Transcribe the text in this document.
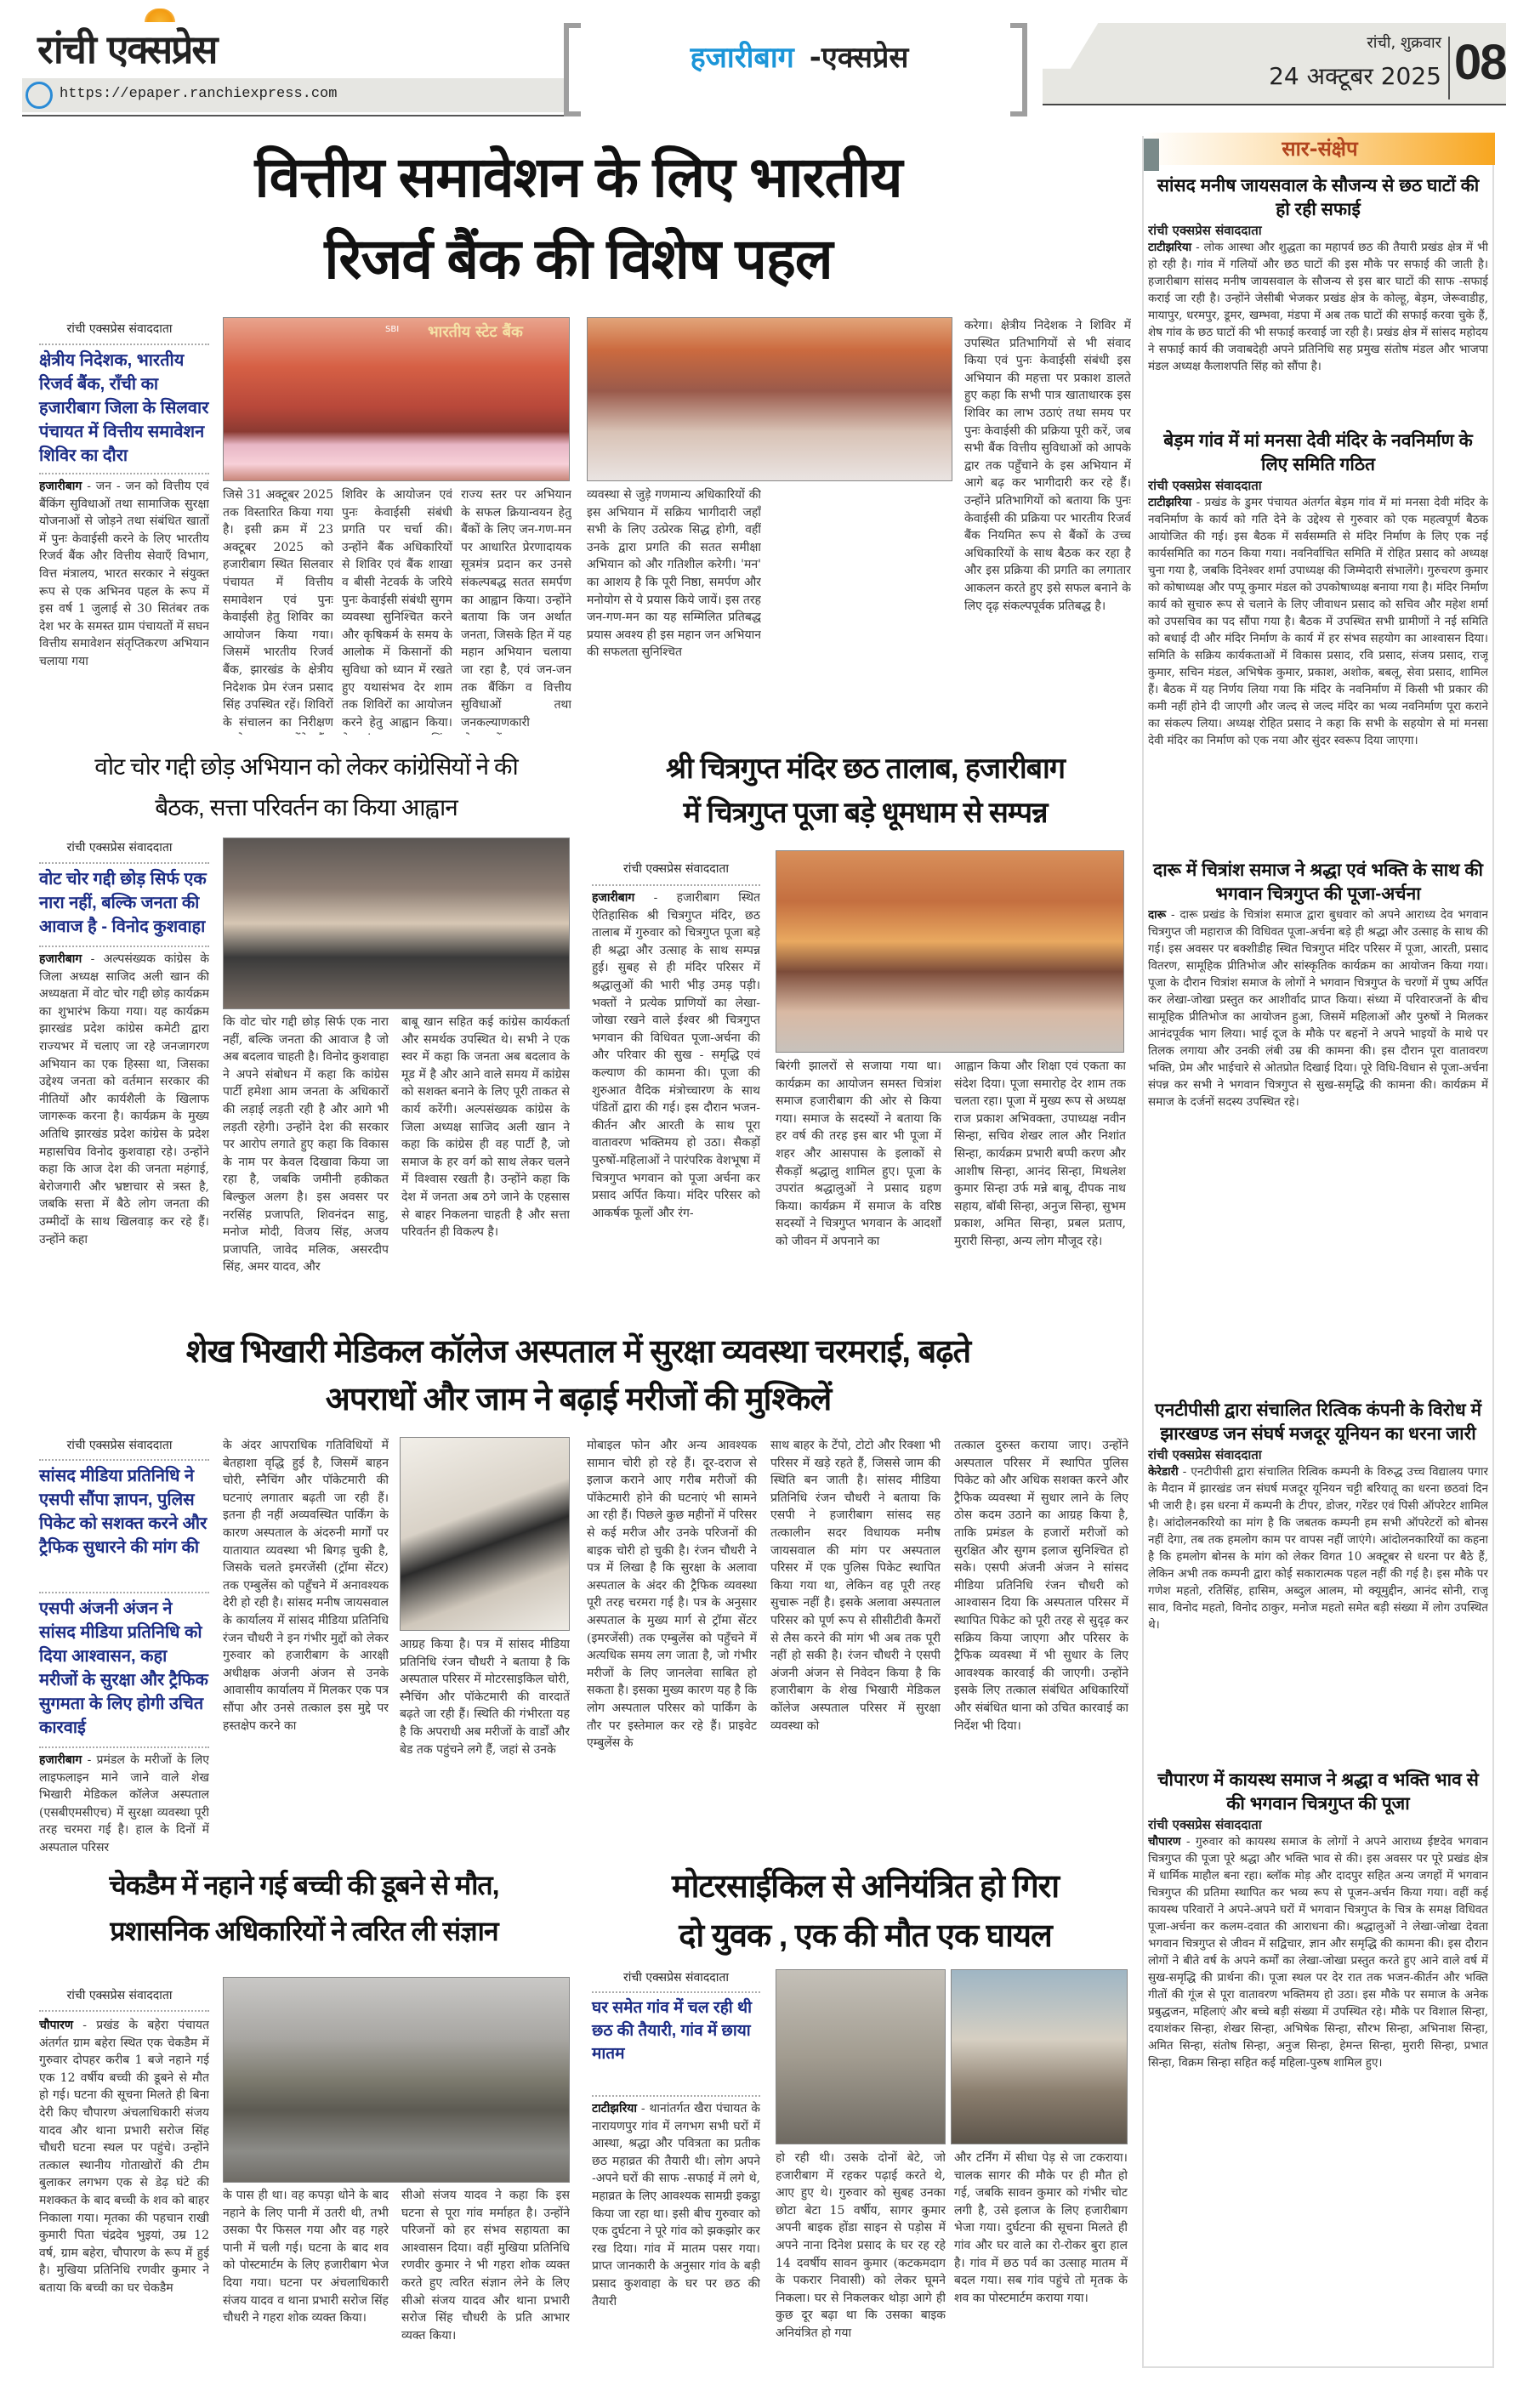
रांची एक्सप्रेस
https://epaper.ranchiexpress.com
हजारीबाग -एक्सप्रेस	रांची, शुक्रवार
24 अक्टूबर 2025 08
वित्तीय समावेशन के लिए भारतीय
रिजर्व बैंक की विशेष पहल
रांची एक्सप्रेस संवाददाता
क्षेत्रीय निदेशक, भारतीय रिजर्व बैंक, राँची का हजारीबाग जिला के सिलवार पंचायत में वित्तीय समावेशन शिविर का दौरा
हजारीबाग - जन - जन को वित्तीय एवं बैंकिंग सुविधाओं तथा सामाजिक सुरक्षा योजनाओं से जोड़ने तथा संबंधित खातों में पुनः केवाईसी करने के लिए भारतीय रिजर्व बैंक और वित्तीय सेवाएँ विभाग, वित्त मंत्रालय, भारत सरकार ने संयुक्त रूप से एक अभिनव पहल के रूप में इस वर्ष 1 जुलाई से 30 सितंबर तक देश भर के समस्त ग्राम पंचायतों में सघन वित्तीय समावेशन संतृप्तिकरण अभियान चलाया गया
SBI भारतीय स्टेट बैंक
जिसे 31 अक्टूबर 2025 तक विस्तारित किया गया है। इसी क्रम में 23 अक्टूबर 2025 को हजारीबाग स्थित सिलवार पंचायत में वित्तीय समावेशन एवं पुनः केवाईसी हेतु शिविर का आयोजन किया गया। जिसमें भारतीय रिजर्व बैंक, झारखंड के क्षेत्रीय निदेशक प्रेम रंजन प्रसाद सिंह उपस्थित रहें। शिविरों के संचालन का निरीक्षण
शिविर के आयोजन एवं पुनः केवाईसी संबंधी प्रगति पर चर्चा की। उन्होंने बैंक अधिकारियों से शिविर एवं बैंक शाखा व बीसी नेटवर्क के जरिये पुनः केवाईसी संबंधी सुगम व्यवस्था सुनिश्चित करने और कृषिकर्म के समय के आलोक में किसानों की सुविधा को ध्यान में रखते हुए यथासंभव देर शाम तक शिविरों का आयोजन करने हेतु आह्वान किया।
राज्य स्तर पर अभियान के सफल क्रियान्वयन हेतु बैंकों के लिए जन-गण-मन पर आधारित प्रेरणादायक सूत्रमंत्र प्रदान कर उनसे संकल्पबद्ध सतत समर्पण का आह्वान किया। उन्होंने बताया कि जन अर्थात जनता, जिसके हित में यह महान अभियान चलाया जा रहा है, एवं जन-जन तक बैंकिंग व वित्तीय सुविधाओं तथा जनकल्याणकारी
व्यवस्था से जुड़े गणमान्य अधिकारियों की इस अभियान में सक्रिय भागीदारी जहाँ सभी के लिए उत्प्रेरक सिद्ध होगी, वहीं उनके द्वारा प्रगति की सतत समीक्षा अभियान को और गतिशील करेगी। 'मन' का आशय है कि पूरी निष्ठा, समर्पण और मनोयोग से ये प्रयास किये जायें। इस तरह जन-गण-मन का यह सम्मिलित प्रतिबद्ध प्रयास अवश्य ही इस महान जन अभियान की सफलता सुनिश्चित
करेगा। क्षेत्रीय निदेशक ने शिविर में उपस्थित प्रतिभागियों से भी संवाद किया एवं पुनः केवाईसी संबंधी इस अभियान की महत्ता पर प्रकाश डालते हुए कहा कि सभी पात्र खाताधारक इस शिविर का लाभ उठाएं तथा समय पर पुनः केवाईसी की प्रक्रिया पूरी करें, जब सभी बैंक वित्तीय सुविधाओं को आपके द्वार तक पहुँचाने के इस अभियान में आगे बढ़ कर भागीदारी कर रहे हैं। उन्होंने प्रतिभागियों को बताया कि पुनः केवाईसी की प्रक्रिया पर भारतीय रिजर्व बैंक नियमित रूप से बैंकों के उच्च अधिकारियों के साथ बैठक कर रहा है और इस प्रक्रिया की प्रगति का लगातार आकलन करते हुए इसे सफल बनाने के लिए दृढ़ संकल्पपूर्वक प्रतिबद्ध है।
वोट चोर गद्दी छोड़ अभियान को लेकर कांग्रेसियों ने की
बैठक, सत्ता परिवर्तन का किया आह्वान
रांची एक्सप्रेस संवाददाता
वोट चोर गद्दी छोड़ सिर्फ एक नारा नहीं, बल्कि जनता की आवाज है - विनोद कुशवाहा
हजारीबाग - अल्पसंख्यक कांग्रेस के जिला अध्यक्ष साजिद अली खान की अध्यक्षता में वोट चोर गद्दी छोड़ कार्यक्रम का शुभारंभ किया गया। यह कार्यक्रम झारखंड प्रदेश कांग्रेस कमेटी द्वारा राज्यभर में चलाए जा रहे जनजागरण अभियान का एक हिस्सा था, जिसका उद्देश्य जनता को वर्तमान सरकार की नीतियों और कार्यशैली के खिलाफ जागरूक करना है। कार्यक्रम के मुख्य अतिथि झारखंड प्रदेश कांग्रेस के प्रदेश महासचिव विनोद कुशवाहा रहे। उन्होंने कहा कि आज देश की जनता महंगाई, बेरोजगारी और भ्रष्टाचार से त्रस्त है, जबकि सत्ता में बैठे लोग जनता की उम्मीदों के साथ खिलवाड़ कर रहे हैं। उन्होंने कहा
कि वोट चोर गद्दी छोड़ सिर्फ एक नारा नहीं, बल्कि जनता की आवाज है जो अब बदलाव चाहती है। विनोद कुशवाहा ने अपने संबोधन में कहा कि कांग्रेस पार्टी हमेशा आम जनता के अधिकारों की लड़ाई लड़ती रही है और आगे भी लड़ती रहेगी। उन्होंने देश की सरकार पर आरोप लगाते हुए कहा कि विकास के नाम पर केवल दिखावा किया जा रहा है, जबकि जमीनी हकीकत बिल्कुल अलग है। इस अवसर पर नरसिंह प्रजापति, शिवनंदन साहु, मनोज मोदी, विजय सिंह, अजय प्रजापति, जावेद मलिक, असरदीप सिंह, अमर यादव, और
बाबू खान सहित कई कांग्रेस कार्यकर्ता और समर्थक उपस्थित थे। सभी ने एक स्वर में कहा कि जनता अब बदलाव के मूड में है और आने वाले समय में कांग्रेस को सशक्त बनाने के लिए पूरी ताकत से कार्य करेंगी। अल्पसंख्यक कांग्रेस के जिला अध्यक्ष साजिद अली खान ने कहा कि कांग्रेस ही वह पार्टी है, जो समाज के हर वर्ग को साथ लेकर चलने में विश्वास रखती है। उन्होंने कहा कि देश में जनता अब ठगे जाने के एहसास से बाहर निकलना चाहती है और सत्ता परिवर्तन ही विकल्प है।
श्री चित्रगुप्त मंदिर छठ तालाब, हजारीबाग
में चित्रगुप्त पूजा बड़े धूमधाम से सम्पन्न
रांची एक्सप्रेस संवाददाता
हजारीबाग - हजारीबाग स्थित ऐतिहासिक श्री चित्रगुप्त मंदिर, छठ तालाब में गुरुवार को चित्रगुप्त पूजा बड़े ही श्रद्धा और उत्साह के साथ सम्पन्न हुई। सुबह से ही मंदिर परिसर में श्रद्धालुओं की भारी भीड़ उमड़ पड़ी। भक्तों ने प्रत्येक प्राणियों का लेखा-जोखा रखने वाले ईश्वर श्री चित्रगुप्त भगवान की विधिवत पूजा-अर्चना की और परिवार की सुख - समृद्धि एवं कल्याण की कामना की। पूजा की शुरुआत वैदिक मंत्रोच्चारण के साथ पंडितों द्वारा की गई। इस दौरान भजन-कीर्तन और आरती के साथ पूरा वातावरण भक्तिमय हो उठा। सैकड़ों पुरुषों-महिलाओं ने पारंपरिक वेशभूषा में चित्रगुप्त भगवान को पूजा अर्चना कर प्रसाद अर्पित किया। मंदिर परिसर को आकर्षक फूलों और रंग-
बिरंगी झालरों से सजाया गया था। कार्यक्रम का आयोजन समस्त चित्रांश समाज हजारीबाग की ओर से किया गया। समाज के सदस्यों ने बताया कि हर वर्ष की तरह इस बार भी पूजा में शहर और आसपास के इलाकों से सैकड़ों श्रद्धालु शामिल हुए। पूजा के उपरांत श्रद्धालुओं ने प्रसाद ग्रहण किया। कार्यक्रम में समाज के वरिष्ठ सदस्यों ने चित्रगुप्त भगवान के आदर्शों को जीवन में अपनाने का
आह्वान किया और शिक्षा एवं एकता का संदेश दिया। पूजा समारोह देर शाम तक चलता रहा। पूजा में मुख्य रूप से अध्यक्ष राज प्रकाश अभिवक्ता, उपाध्यक्ष नवीन सिन्हा, सचिव शेखर लाल और निशांत सिन्हा, कार्यक्रम प्रभारी बप्पी करण और आशीष सिन्हा, आनंद सिन्हा, मिथलेश कुमार सिन्हा उर्फ मन्ने बाबू, दीपक नाथ सहाय, बॉबी सिन्हा, अनुज सिन्हा, सुभम प्रकाश, अमित सिन्हा, प्रबल प्रताप, मुरारी सिन्हा, अन्य लोग मौजूद रहे।
शेख भिखारी मेडिकल कॉलेज अस्पताल में सुरक्षा व्यवस्था चरमराई, बढ़ते
अपराधों और जाम ने बढ़ाई मरीजों की मुश्किलें
रांची एक्सप्रेस संवाददाता
सांसद मीडिया प्रतिनिधि ने एसपी सौंपा ज्ञापन, पुलिस पिकेट को सशक्त करने और ट्रैफिक सुधारने की मांग की
एसपी अंजनी अंजन ने सांसद मीडिया प्रतिनिधि को दिया आश्वासन, कहा मरीजों के सुरक्षा और ट्रैफिक सुगमता के लिए होगी उचित कारवाई
हजारीबाग - प्रमंडल के मरीजों के लिए लाइफलाइन माने जाने वाले शेख भिखारी मेडिकल कॉलेज अस्पताल (एसबीएमसीएच) में सुरक्षा व्यवस्था पूरी तरह चरमरा गई है। हाल के दिनों में अस्पताल परिसर
के अंदर आपराधिक गतिविधियों में बेतहाशा वृद्धि हुई है, जिसमें बाहन चोरी, स्नैचिंग और पॉकेटमारी की घटनाएं लगातार बढ़ती जा रही हैं। इतना ही नहीं अव्यवस्थित पार्किंग के कारण अस्पताल के अंदरुनी मार्गों पर यातायात व्यवस्था भी बिगड़ चुकी है, जिसके चलते इमरजेंसी (ट्रॉमा सेंटर) तक एम्बुलेंस को पहुँचने में अनावश्यक देरी हो रही है। सांसद मनीष जायसवाल के कार्यालय में सांसद मीडिया प्रतिनिधि रंजन चौधरी ने इन गंभीर मुद्दों को लेकर गुरुवार को हजारीबाग के आरक्षी अधीक्षक अंजनी अंजन से उनके आवासीय कार्यालय में मिलकर एक पत्र सौंपा और उनसे तत्काल इस मुद्दे पर हस्तक्षेप करने का
आग्रह किया है। पत्र में सांसद मीडिया प्रतिनिधि रंजन चौधरी ने बताया है कि अस्पताल परिसर में मोटरसाइकिल चोरी, स्नैचिंग और पॉकेटमारी की वारदातें बढ़ते जा रही हैं। स्थिति की गंभीरता यह है कि अपराधी अब मरीजों के वार्डों और बेड तक पहुंचने लगे हैं, जहां से उनके
मोबाइल फोन और अन्य आवश्यक सामान चोरी हो रहे हैं। दूर-दराज से इलाज कराने आए गरीब मरीजों की पॉकेटमारी होने की घटनाएं भी सामने आ रही हैं। पिछले कुछ महीनों में परिसर से कई मरीज और उनके परिजनों की बाइक चोरी हो चुकी है। रंजन चौधरी ने पत्र में लिखा है कि सुरक्षा के अलावा अस्पताल के अंदर की ट्रैफिक व्यवस्था पूरी तरह चरमरा गई है। पत्र के अनुसार अस्पताल के मुख्य मार्ग से ट्रॉमा सेंटर (इमरजेंसी) तक एम्बुलेंस को पहुँचने में अत्यधिक समय लग जाता है, जो गंभीर मरीजों के लिए जानलेवा साबित हो सकता है। इसका मुख्य कारण यह है कि लोग अस्पताल परिसर को पार्किंग के तौर पर इस्तेमाल कर रहे हैं। प्राइवेट एम्बुलेंस के
साथ बाहर के टेंपो, टोटो और रिक्शा भी परिसर में खड़े रहते हैं, जिससे जाम की स्थिति बन जाती है। सांसद मीडिया प्रतिनिधि रंजन चौधरी ने बताया कि एसपी ने हजारीबाग सांसद सह तत्कालीन सदर विधायक मनीष जायसवाल की मांग पर अस्पताल परिसर में एक पुलिस पिकेट स्थापित किया गया था, लेकिन वह पूरी तरह सुचारू नहीं है। इसके अलावा अस्पताल परिसर को पूर्ण रूप से सीसीटीवी कैमरों से लैस करने की मांग भी अब तक पूरी नहीं हो सकी है। रंजन चौधरी ने एसपी अंजनी अंजन से निवेदन किया है कि हजारीबाग के शेख भिखारी मेडिकल कॉलेज अस्पताल परिसर में सुरक्षा व्यवस्था को
तत्काल दुरुस्त कराया जाए। उन्होंने अस्पताल परिसर में स्थापित पुलिस पिकेट को और अधिक सशक्त करने और ट्रैफिक व्यवस्था में सुधार लाने के लिए ठोस कदम उठाने का आग्रह किया है, ताकि प्रमंडल के हजारों मरीजों को सुरक्षित और सुगम इलाज सुनिश्चित हो सके। एसपी अंजनी अंजन ने सांसद मीडिया प्रतिनिधि रंजन चौधरी को आश्वासन दिया कि अस्पताल परिसर में स्थापित पिकेट को पूरी तरह से सुदृढ़ कर सक्रिय किया जाएगा और परिसर के ट्रैफिक व्यवस्था में भी सुधार के लिए आवश्यक कारवाई की जाएगी। उन्होंने इसके लिए तत्काल संबंधित अधिकारियों और संबंधित थाना को उचित कारवाई का निर्देश भी दिया।
चेकडैम में नहाने गई बच्ची की डूबने से मौत,
प्रशासनिक अधिकारियों ने त्वरित ली संज्ञान
रांची एक्सप्रेस संवाददाता
चौपारण - प्रखंड के बहेरा पंचायत अंतर्गत ग्राम बहेरा स्थित एक चेकडैम में गुरुवार दोपहर करीब 1 बजे नहाने गई एक 12 वर्षीय बच्ची की डूबने से मौत हो गई। घटना की सूचना मिलते ही बिना देरी किए चौपारण अंचलाधिकारी संजय यादव और थाना प्रभारी सरोज सिंह चौधरी घटना स्थल पर पहुंचे। उन्होंने तत्काल स्थानीय गोताखोरों की टीम बुलाकर लगभग एक से डेढ़ घंटे की मशक्कत के बाद बच्ची के शव को बाहर निकाला गया। मृतका की पहचान राखी कुमारी पिता चंद्रदेव भुइयां, उम्र 12 वर्ष, ग्राम बहेरा, चौपारण के रूप में हुई है। मुखिया प्रतिनिधि रणवीर कुमार ने बताया कि बच्ची का घर चेकडैम
के पास ही था। वह कपड़ा धोने के बाद नहाने के लिए पानी में उतरी थी, तभी उसका पैर फिसल गया और वह गहरे पानी में चली गई। घटना के बाद शव को पोस्टमार्टम के लिए हजारीबाग भेज दिया गया। घटना पर अंचलाधिकारी संजय यादव व थाना प्रभारी सरोज सिंह चौधरी ने गहरा शोक व्यक्त किया।
सीओ संजय यादव ने कहा कि इस घटना से पूरा गांव मर्माहत है। उन्होंने परिजनों को हर संभव सहायता का आश्वासन दिया। वहीं मुखिया प्रतिनिधि रणवीर कुमार ने भी गहरा शोक व्यक्त करते हुए त्वरित संज्ञान लेने के लिए सीओ संजय यादव और थाना प्रभारी सरोज सिंह चौधरी के प्रति आभार व्यक्त किया।
मोटरसाईकिल से अनियंत्रित हो गिरा
दो युवक , एक की मौत एक घायल
रांची एक्सप्रेस संवाददाता
घर समेत गांव में चल रही थी छठ की तैयारी, गांव में छाया मातम
टाटीझरिया - थानांतर्गत खैरा पंचायत के नारायणपुर गांव में लगभग सभी घरों में आस्था, श्रद्धा और पवित्रता का प्रतीक छठ महाव्रत की तैयारी थी। लोग अपने -अपने घरों की साफ -सफाई में लगे थे, महाव्रत के लिए आवश्यक सामग्री इकट्ठा किया जा रहा था। इसी बीच गुरुवार को एक दुर्घटना ने पूरे गांव को झकझोर कर रख दिया। गांव में मातम पसर गया। प्राप्त जानकारी के अनुसार गांव के बड़ी प्रसाद कुशवाहा के घर पर छठ की तैयारी
हो रही थी। उसके दोनों बेटे, जो हजारीबाग में रहकर पढ़ाई करते थे, आए हुए थे। गुरुवार को सुबह उनका छोटा बेटा 15 वर्षीय, सागर कुमार अपनी बाइक होंडा साइन से पड़ोस में अपने नाना दिनेश प्रसाद के घर रह रहे 14 दवर्षीय सावन कुमार (कटकमदाग के पकरार निवासी) को लेकर घूमने निकला। घर से निकलकर थोड़ा आगे ही कुछ दूर बढ़ा था कि उसका बाइक अनियंत्रित हो गया
और टर्निंग में सीधा पेड़ से जा टकराया। चालक सागर की मौके पर ही मौत हो गई, जबकि सावन कुमार को गंभीर चोट लगी है, उसे इलाज के लिए हजारीबाग भेजा गया। दुर्घटना की सूचना मिलते ही गांव और घर वाले का रो-रोकर बुरा हाल है। गांव में छठ पर्व का उत्साह मातम में बदल गया। सब गांव पहुंचे तो मृतक के शव का पोस्टमार्टम कराया गया।
सार-संक्षेप
सांसद मनीष जायसवाल के सौजन्य से छठ घाटों की हो रही सफाई
रांची एक्सप्रेस संवाददाता
टाटीझरिया - लोक आस्था और शुद्धता का महापर्व छठ की तैयारी प्रखंड क्षेत्र में भी हो रही है। गांव में गलियों और छठ घाटों की इस मौके पर सफाई की जाती है। हजारीबाग सांसद मनीष जायसवाल के सौजन्य से इस बार घाटों की साफ -सफाई कराई जा रही है। उन्होंने जेसीबी भेजकर प्रखंड क्षेत्र के कोल्हू, बेड़म, जेरूवाडीह, मायापुर, धरमपुर, डूमर, खम्भवा, मंडपा में अब तक घाटों की सफाई करवा चुके हैं, शेष गांव के छठ घाटों की भी सफाई करवाई जा रही है। प्रखंड क्षेत्र में सांसद महोदय ने सफाई कार्य की जवाबदेही अपने प्रतिनिधि सह प्रमुख संतोष मंडल और भाजपा मंडल अध्यक्ष कैलाशपति सिंह को सौंपा है।
बेड़म गांव में मां मनसा देवी मंदिर के नवनिर्माण के लिए समिति गठित
रांची एक्सप्रेस संवाददाता
टाटीझरिया - प्रखंड के डुमर पंचायत अंतर्गत बेड़म गांव में मां मनसा देवी मंदिर के नवनिर्माण के कार्य को गति देने के उद्देश्य से गुरुवार को एक महत्वपूर्ण बैठक आयोजित की गई। इस बैठक में सर्वसम्मति से मंदिर निर्माण के लिए एक नई कार्यसमिति का गठन किया गया। नवनिर्वाचित समिति में रोहित प्रसाद को अध्यक्ष चुना गया है, जबकि दिनेश्वर शर्मा उपाध्यक्ष की जिम्मेदारी संभालेंगे। गुरुचरण कुमार को कोषाध्यक्ष और पप्पू कुमार मंडल को उपकोषाध्यक्ष बनाया गया है। मंदिर निर्माण कार्य को सुचारु रूप से चलाने के लिए जीवाधन प्रसाद को सचिव और महेश शर्मा को उपसचिव का पद सौंपा गया है। बैठक में उपस्थित सभी ग्रामीणों ने नई समिति को बधाई दी और मंदिर निर्माण के कार्य में हर संभव सहयोग का आश्वासन दिया। समिति के सक्रिय कार्यकताओं में विकास प्रसाद, रवि प्रसाद, संजय प्रसाद, राजू कुमार, सचिन मंडल, अभिषेक कुमार, प्रकाश, अशोक, बबलू, सेवा प्रसाद, शामिल हैं। बैठक में यह निर्णय लिया गया कि मंदिर के नवनिर्माण में किसी भी प्रकार की कमी नहीं होने दी जाएगी और जल्द से जल्द मंदिर का भव्य नवनिर्माण पूरा कराने का संकल्प लिया। अध्यक्ष रोहित प्रसाद ने कहा कि सभी के सहयोग से मां मनसा देवी मंदिर का निर्माण को एक नया और सुंदर स्वरूप दिया जाएगा।
दारू में चित्रांश समाज ने श्रद्धा एवं भक्ति के साथ की भगवान चित्रगुप्त की पूजा-अर्चना
दारू - दारू प्रखंड के चित्रांश समाज द्वारा बुधवार को अपने आराध्य देव भगवान चित्रगुप्त जी महाराज की विधिवत पूजा-अर्चना बड़े ही श्रद्धा और उत्साह के साथ की गई। इस अवसर पर बक्शीडीह स्थित चित्रगुप्त मंदिर परिसर में पूजा, आरती, प्रसाद वितरण, सामूहिक प्रीतिभोज और सांस्कृतिक कार्यक्रम का आयोजन किया गया। पूजा के दौरान चित्रांश समाज के लोगों ने भगवान चित्रगुप्त के चरणों में पुष्प अर्पित कर लेखा-जोखा प्रस्तुत कर आशीर्वाद प्राप्त किया। संध्या में परिवारजनों के बीच सामूहिक प्रीतिभोज का आयोजन हुआ, जिसमें महिलाओं और पुरुषों ने मिलकर आनंदपूर्वक भाग लिया। भाई दूज के मौके पर बहनों ने अपने भाइयों के माथे पर तिलक लगाया और उनकी लंबी उम्र की कामना की। इस दौरान पूरा वातावरण भक्ति, प्रेम और भाईचारे से ओतप्रोत दिखाई दिया। पूरे विधि-विधान से पूजा-अर्चना संपन्न कर सभी ने भगवान चित्रगुप्त से सुख-समृद्धि की कामना की। कार्यक्रम में समाज के दर्जनों सदस्य उपस्थित रहे।
एनटीपीसी द्वारा संचालित रित्विक कंपनी के विरोध में झारखण्ड जन संघर्ष मजदूर यूनियन का धरना जारी
रांची एक्सप्रेस संवाददाता
केरेडारी - एनटीपीसी द्वारा संचालित रित्विक कम्पनी के विरुद्ध उच्च विद्यालय पगार के मैदान में झारखंड जन संघर्ष मजदूर यूनियन चट्टी बरियातू का धरना छठवां दिन भी जारी है। इस धरना में कम्पनी के टीपर, डोजर, गरेंडर एवं पिसी ऑपरेटर शामिल है। आंदोलनकरियो का मांग है कि जबतक कम्पनी हम सभी ऑपरेटरों को बोनस नहीं देगा, तब तक हमलोग काम पर वापस नहीं जाएंगे। आंदोलनकारियों का कहना है कि हमलोग बोनस के मांग को लेकर विगत 10 अक्टूबर से धरना पर बैठे हैं, लेकिन अभी तक कम्पनी द्वारा कोई सकारात्मक पहल नहीं की गई है। इस मौके पर गणेश महतो, रतिसिंह, हासिम, अब्दुल आलम, मो क्यूमुद्दीन, आनंद सोनी, राजू साव, विनोद महतो, विनोद ठाकुर, मनोज महतो समेत बड़ी संख्या में लोग उपस्थित थे।
चौपारण में कायस्थ समाज ने श्रद्धा व भक्ति भाव से की भगवान चित्रगुप्त की पूजा
रांची एक्सप्रेस संवाददाता
चौपारण - गुरुवार को कायस्थ समाज के लोगों ने अपने आराध्य ईष्टदेव भगवान चित्रगुप्त की पूजा पूरे श्रद्धा और भक्ति भाव से की। इस अवसर पर पूरे प्रखंड क्षेत्र में धार्मिक माहौल बना रहा। ब्लॉक मोड़ और दादपुर सहित अन्य जगहों में भगवान चित्रगुप्त की प्रतिमा स्थापित कर भव्य रूप से पूजन-अर्चन किया गया। वहीं कई कायस्थ परिवारों ने अपने-अपने घरों में भगवान चित्रगुप्त के चित्र के समक्ष विधिवत पूजा-अर्चना कर कलम-दवात की आराधना की। श्रद्धालुओं ने लेखा-जोखा देवता भगवान चित्रगुप्त से जीवन में सद्विचार, ज्ञान और समृद्धि की कामना की। इस दौरान लोगों ने बीते वर्ष के अपने कर्मों का लेखा-जोखा प्रस्तुत करते हुए आने वाले वर्ष में सुख-समृद्धि की प्रार्थना की। पूजा स्थल पर देर रात तक भजन-कीर्तन और भक्ति गीतों की गूंज से पूरा वातावरण भक्तिमय हो उठा। इस मौके पर समाज के अनेक प्रबुद्धजन, महिलाएं और बच्चे बड़ी संख्या में उपस्थित रहे। मौके पर विशाल सिन्हा, दयाशंकर सिन्हा, शेखर सिन्हा, अभिषेक सिन्हा, सौरभ सिन्हा, अभिनाश सिन्हा, अमित सिन्हा, संतोष सिन्हा, अनुज सिन्हा, हेमन्त सिन्हा, मुरारी सिन्हा, प्रभात सिन्हा, विक्रम सिन्हा सहित कई महिला-पुरुष शामिल हुए।
